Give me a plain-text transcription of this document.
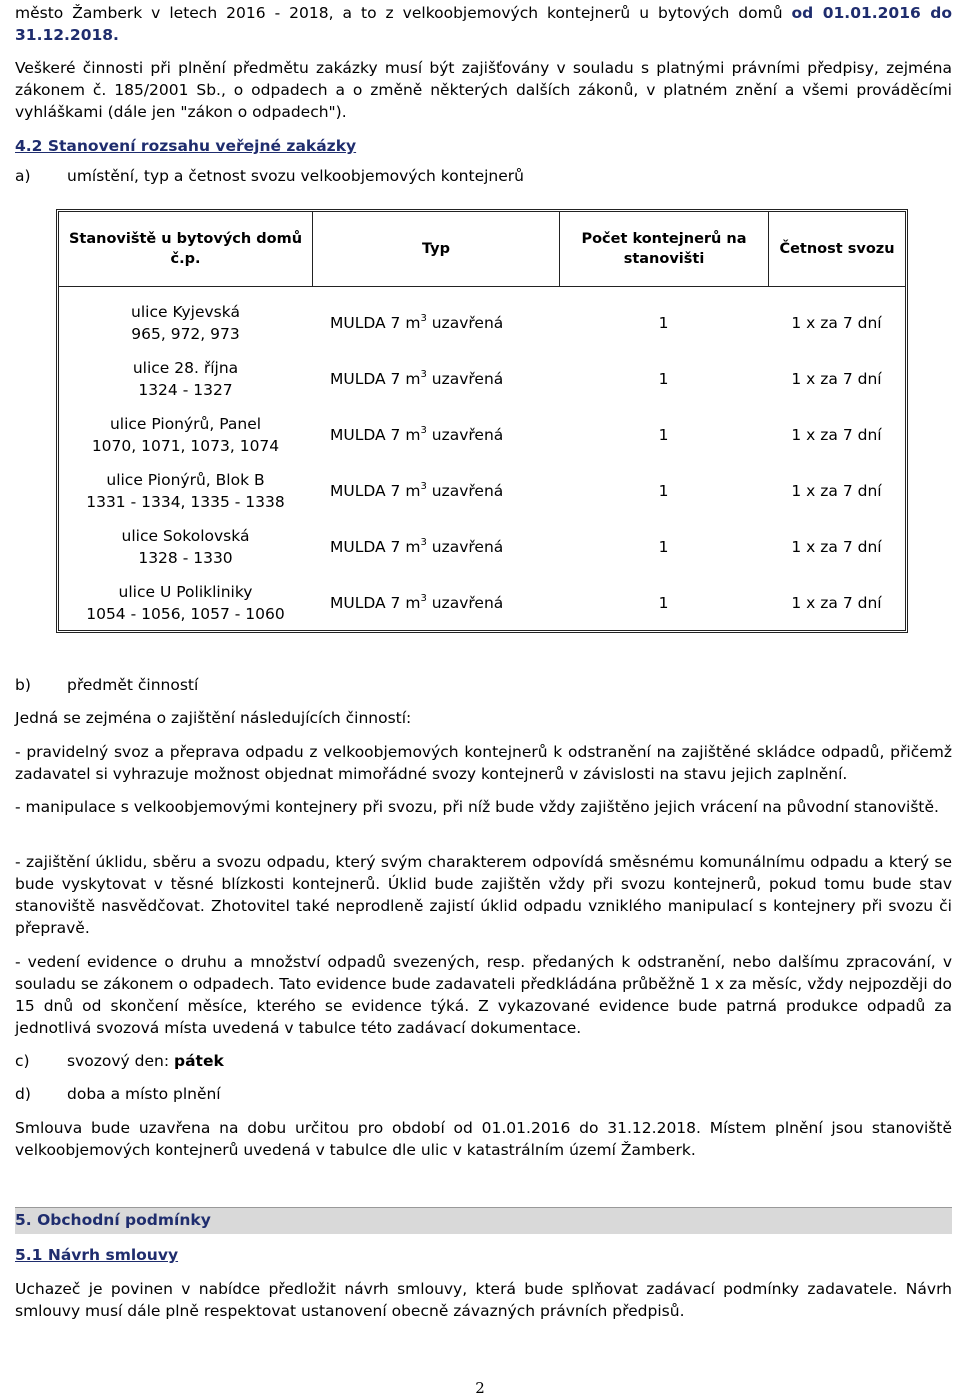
město Žamberk v letech 2016 - 2018, a to z velkoobjemových kontejnerů u bytových domů od 01.01.2016 do 31.12.2018.

Veškeré činnosti při plnění předmětu zakázky musí být zajišťovány v souladu s platnými právními předpisy, zejména zákonem č. 185/2001 Sb., o odpadech a o změně některých dalších zákonů, v platném znění a všemi prováděcími vyhláškami (dále jen "zákon o odpadech").

4.2 Stanovení rozsahu veřejné zakázky

a) umístění, typ a četnost svozu velkoobjemových kontejnerů

Stanoviště u bytových domů č.p.	Typ	Počet kontejnerů na stanovišti	Četnost svozu
ulice Kyjevská
965, 972, 973	MULDA 7 $m^3$ uzavřená	1	1 x za 7 dní
ulice 28. října
1324 - 1327	MULDA 7 $m^3$ uzavřená	1	1 x za 7 dní
ulice Pionýrů, Panel
1070, 1071, 1073, 1074	MULDA 7 $m^3$ uzavřená	1	1 x za 7 dní
ulice Pionýrů, Blok B
1331 - 1334, 1335 - 1338	MULDA 7 $m^3$ uzavřená	1	1 x za 7 dní
ulice Sokolovská
1328 - 1330	MULDA 7 $m^3$ uzavřená	1	1 x za 7 dní
ulice U Polikliniky
1054 - 1056, 1057 - 1060	MULDA 7 $m^3$ uzavřená	1	1 x za 7 dní

b) předmět činností

Jedná se zejména o zajištění následujících činností:

- pravidelný svoz a přeprava odpadu z velkoobjemových kontejnerů k odstranění na zajištěné skládce odpadů, přičemž zadavatel si vyhrazuje možnost objednat mimořádné svozy kontejnerů v závislosti na stavu jejich zaplnění.

- manipulace s velkoobjemovými kontejnery při svozu, při níž bude vždy zajištěno jejich vrácení na původní stanoviště.

- zajištění úklidu, sběru a svozu odpadu, který svým charakterem odpovídá směsnému komunálnímu odpadu a který se bude vyskytovat v těsné blízkosti kontejnerů. Úklid bude zajištěn vždy při svozu kontejnerů, pokud tomu bude stav stanoviště nasvědčovat. Zhotovitel také neprodleně zajistí úklid odpadu vzniklého manipulací s kontejnery při svozu či přepravě.

- vedení evidence o druhu a množství odpadů svezených, resp. předaných k odstranění, nebo dalšímu zpracování, v souladu se zákonem o odpadech. Tato evidence bude zadavateli předkládána průběžně 1 x za měsíc, vždy nejpozději do 15 dnů od skončení měsíce, kterého se evidence týká. Z vykazované evidence bude patrná produkce odpadů za jednotlivá svozová místa uvedená v tabulce této zadávací dokumentace.

c) svozový den: pátek

d) doba a místo plnění

Smlouva bude uzavřena na dobu určitou pro období od 01.01.2016 do 31.12.2018. Místem plnění jsou stanoviště velkoobjemových kontejnerů uvedená v tabulce dle ulic v katastrálním území Žamberk.

5. Obchodní podmínky

5.1 Návrh smlouvy

Uchazeč je povinen v nabídce předložit návrh smlouvy, která bude splňovat zadávací podmínky zadavatele. Návrh smlouvy musí dále plně respektovat ustanovení obecně závazných právních předpisů.

2
